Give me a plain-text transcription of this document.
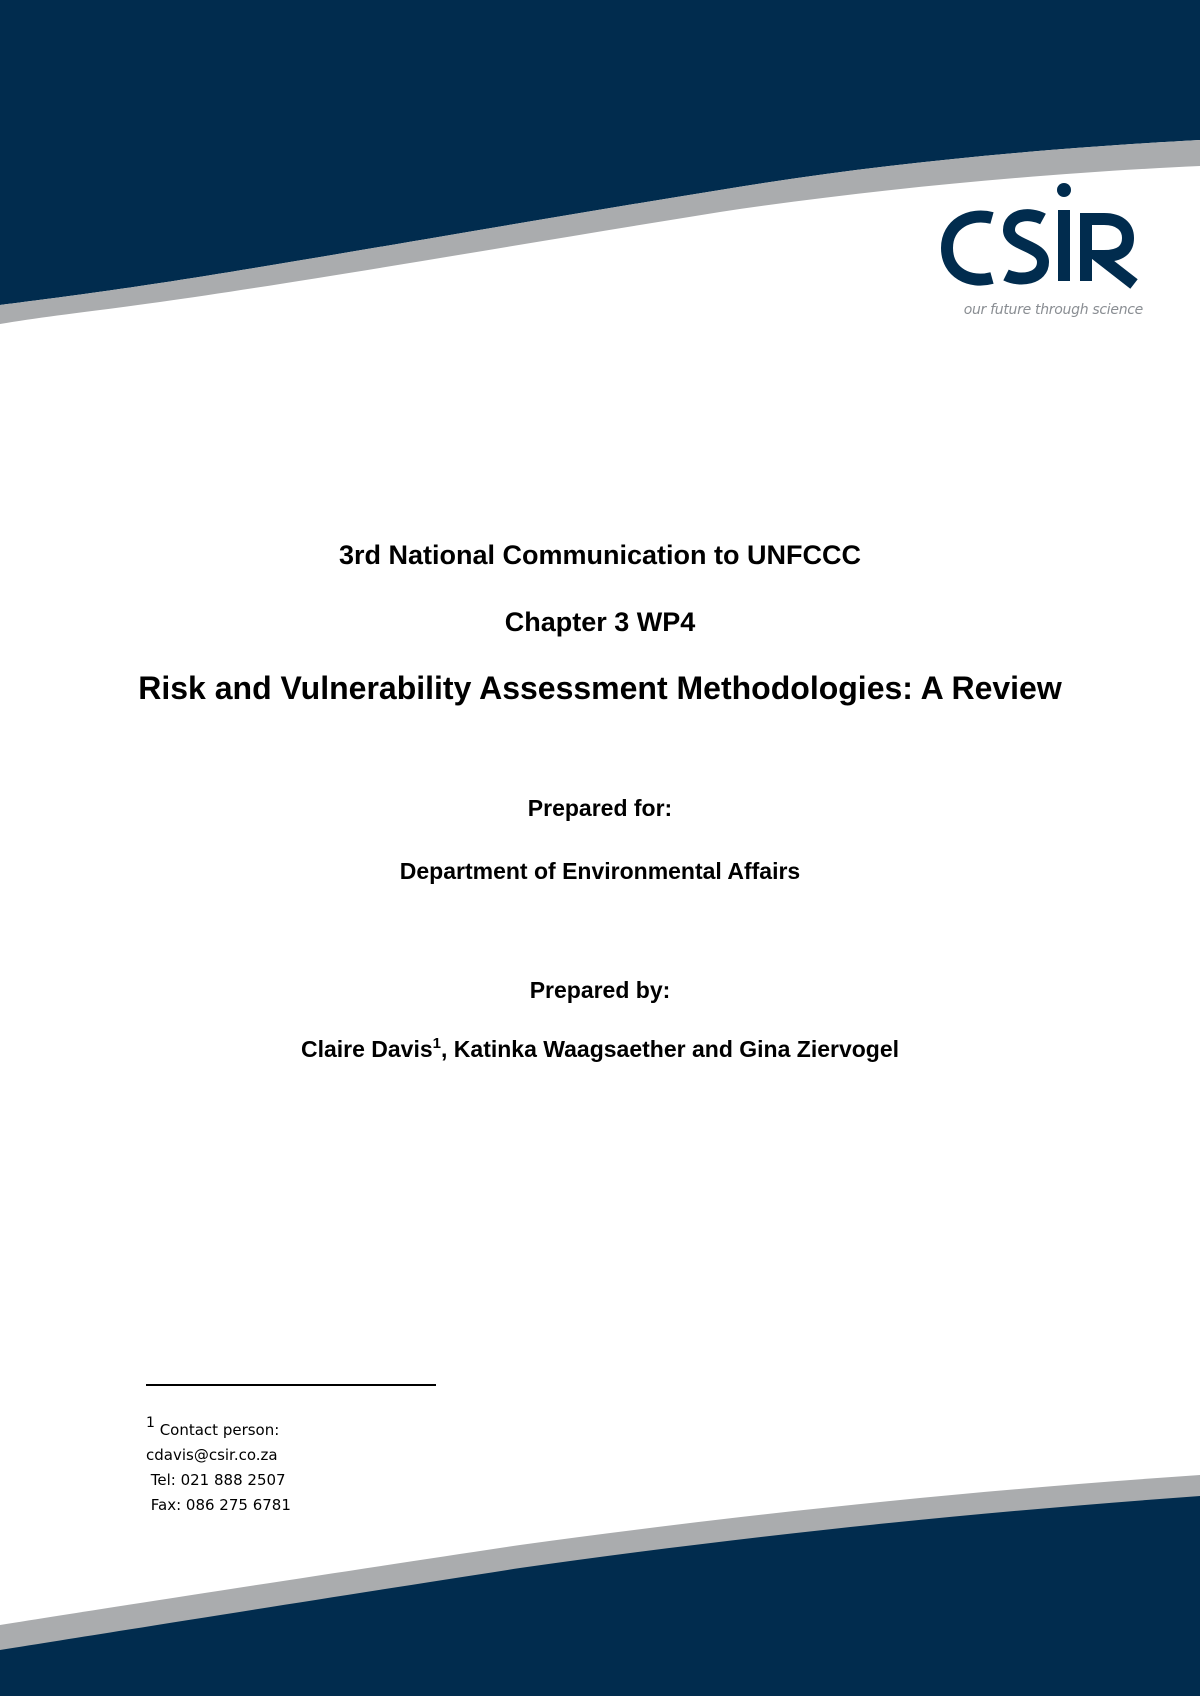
our future through science
3rd National Communication to UNFCCC
Chapter 3 WP4
Risk and Vulnerability Assessment Methodologies: A Review
Prepared for:
Department of Environmental Affairs
Prepared by:
Claire Davis$^1$, Katinka Waagsaether and Gina Ziervogel
1 Contact person:
cdavis@csir.co.za
Tel: 021 888 2507
Fax: 086 275 6781
